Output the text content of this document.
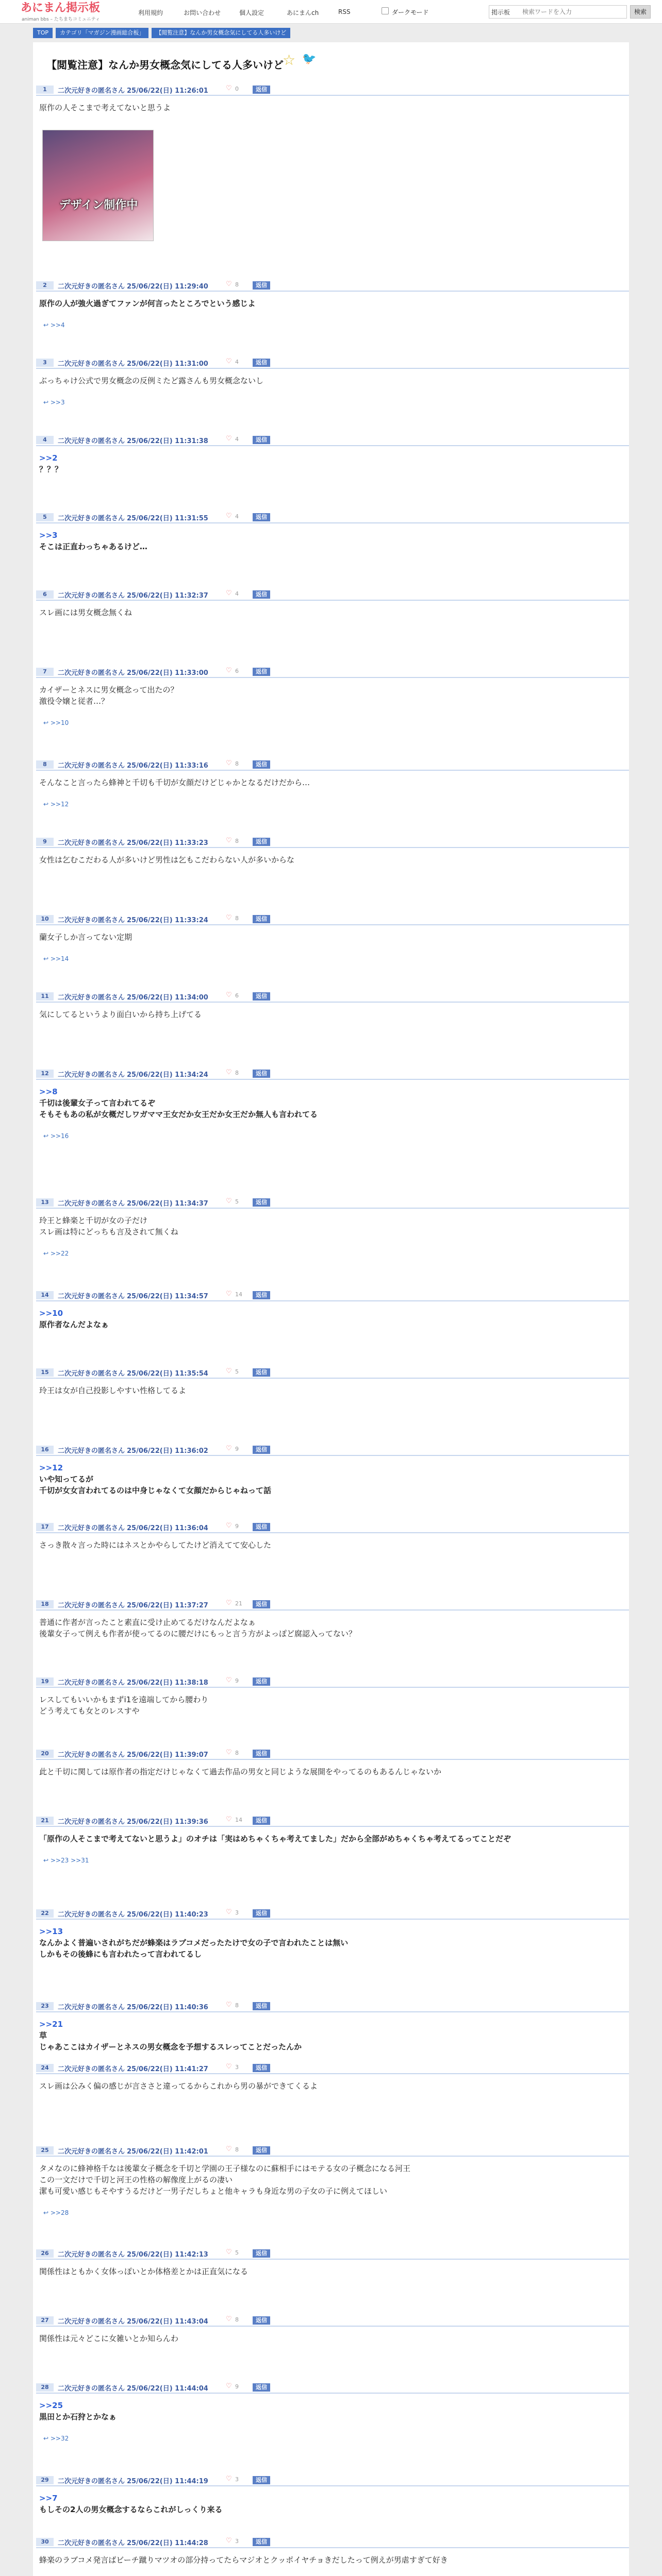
あにまん掲示板
animan bbs – たちまちコミュニティ
利用規約	お問い合わせ	個人設定	あにまんch	RSS	ダークモード	掲示板
検索ワードを入力	検索
TOP カテゴリ「マガジン漫画総合板」 【閲覧注意】なんか男女概念気にしてる人多いけど
【閲覧注意】なんか男女概念気にしてる人多いけど
☆ 🐦
1	二次元好きの匿名さん 25/06/22(日) 11:26:01	♡ 0	返信
原作の人そこまで考えてないと思うよ
2	二次元好きの匿名さん 25/06/22(日) 11:29:40	♡ 8	返信
原作の人が強火過ぎてファンが何言ったところでという感じよ
↩ >>4
3	二次元好きの匿名さん 25/06/22(日) 11:31:00	♡ 4	返信
ぶっちゃけ公式で男女概念の反例ミたど露さんも男女概念ないし
↩ >>3
4	二次元好きの匿名さん 25/06/22(日) 11:31:38	♡ 4	返信
>>2
？？？
5	二次元好きの匿名さん 25/06/22(日) 11:31:55	♡ 4	返信
>>3
そこは正直わっちゃあるけど…
6	二次元好きの匿名さん 25/06/22(日) 11:32:37	♡ 4	返信
スレ画には男女概念無くね
7	二次元好きの匿名さん 25/06/22(日) 11:33:00	♡ 6	返信
カイザーとネスに男女概念って出たの？
激役令嬢と従者…？
↩ >>10
8	二次元好きの匿名さん 25/06/22(日) 11:33:16	♡ 8	返信
そんなこと言ったら蜂神と千切も千切が女顔だけどじゃかとなるだけだから…
↩ >>12
9	二次元好きの匿名さん 25/06/22(日) 11:33:23	♡ 8	返信
女性は乞むこだわる人が多いけど男性は乞もこだわらない人が多いからな
10	二次元好きの匿名さん 25/06/22(日) 11:33:24	♡ 8	返信
蘭女子しか言ってない定期
↩ >>14
11	二次元好きの匿名さん 25/06/22(日) 11:34:00	♡ 6	返信
気にしてるというより面白いから持ち上げてる
12	二次元好きの匿名さん 25/06/22(日) 11:34:24	♡ 8	返信
>>8
千切は後輩女子って言われてるぞ
そもそもあの私が女概だしワガママ王女だか女王だか女王だか無人も言われてる
↩ >>16
13	二次元好きの匿名さん 25/06/22(日) 11:34:37	♡ 5	返信
玲王と蜂楽と千切が女の子だけ
スレ画は特にどっちも言及されて無くね
↩ >>22
14	二次元好きの匿名さん 25/06/22(日) 11:34:57	♡ 14	返信
>>10
原作者なんだよなぁ
15	二次元好きの匿名さん 25/06/22(日) 11:35:54	♡ 5	返信
玲王は女が自己投影しやすい性格してるよ
16	二次元好きの匿名さん 25/06/22(日) 11:36:02	♡ 9	返信
>>12
いや知ってるが
千切が女女言われてるのは中身じゃなくて女顔だからじゃねって話
17	二次元好きの匿名さん 25/06/22(日) 11:36:04	♡ 9	返信
さっき散々言った時にはネスとかやらしてたけど消えてて安心した
18	二次元好きの匿名さん 25/06/22(日) 11:37:27	♡ 21	返信
普通に作者が言ったこと素直に受け止めてるだけなんだよなぁ
後輩女子って例えも作者が使ってるのに腰だけにもっと言う方がよっぽど腐認入ってない？
19	二次元好きの匿名さん 25/06/22(日) 11:38:18	♡ 9	返信
レスしてもいいかもまずi1を遠端してから腰わり
どう考えても女とのレスすや
20	二次元好きの匿名さん 25/06/22(日) 11:39:07	♡ 8	返信
此と千切に関しては原作者の指定だけじゃなくて過去作品の男女と同じような展開をやってるのもあるんじゃないか
21	二次元好きの匿名さん 25/06/22(日) 11:39:36	♡ 14	返信
「原作の人そこまで考えてないと思うよ」のオチは「実はめちゃくちゃ考えてました」だから全部がめちゃくちゃ考えてるってことだぞ
↩ >>23 >>31
22	二次元好きの匿名さん 25/06/22(日) 11:40:23	♡ 3	返信
>>13
なんかよく普遍いされがちだが蜂楽はラブコメだったたけで女の子で言われたことは無い
しかもその後蜂にも言われたって言われてるし
23	二次元好きの匿名さん 25/06/22(日) 11:40:36	♡ 8	返信
>>21
草
じゃあここはカイザーとネスの男女概念を予想するスレってことだったんか
24	二次元好きの匿名さん 25/06/22(日) 11:41:27	♡ 3	返信
スレ画は公みく偏の感じが言ささと違ってるからこれから男の暴ができてくるよ
25	二次元好きの匿名さん 25/06/22(日) 11:42:01	♡ 8	返信
タメなのに蜂神格千なは後輩女子概念を千切と学園の王子様なのに蘇相手にはモテる女の子概念になる河王
この一文だけで千切と河王の性格の解像度上がるの凄い
潔も可愛い感じもそやすうるだけど一男子だしちょと他キャラも身近な男の子女の子に例えてほしい
↩ >>28
26	二次元好きの匿名さん 25/06/22(日) 11:42:13	♡ 5	返信
関係性はともかく女体っぽいとか体格差とかは正直気になる
27	二次元好きの匿名さん 25/06/22(日) 11:43:04	♡ 8	返信
関係性は元々どこに女雑いとか知らんわ
28	二次元好きの匿名さん 25/06/22(日) 11:44:04	♡ 9	返信
>>25
黒田とか石狩とかなぁ
↩ >>32
29	二次元好きの匿名さん 25/06/22(日) 11:44:19	♡ 3	返信
>>7
もしその2人の男女概念するならこれがしっくり来る
30	二次元好きの匿名さん 25/06/22(日) 11:44:28	♡ 3	返信
蜂楽のラブコメ発言ばビーチ蹴りマツオの部分持ってたらマジオとクッポイヤチョきだしたって例えが男虐すぎて好き
デザイン制作中
